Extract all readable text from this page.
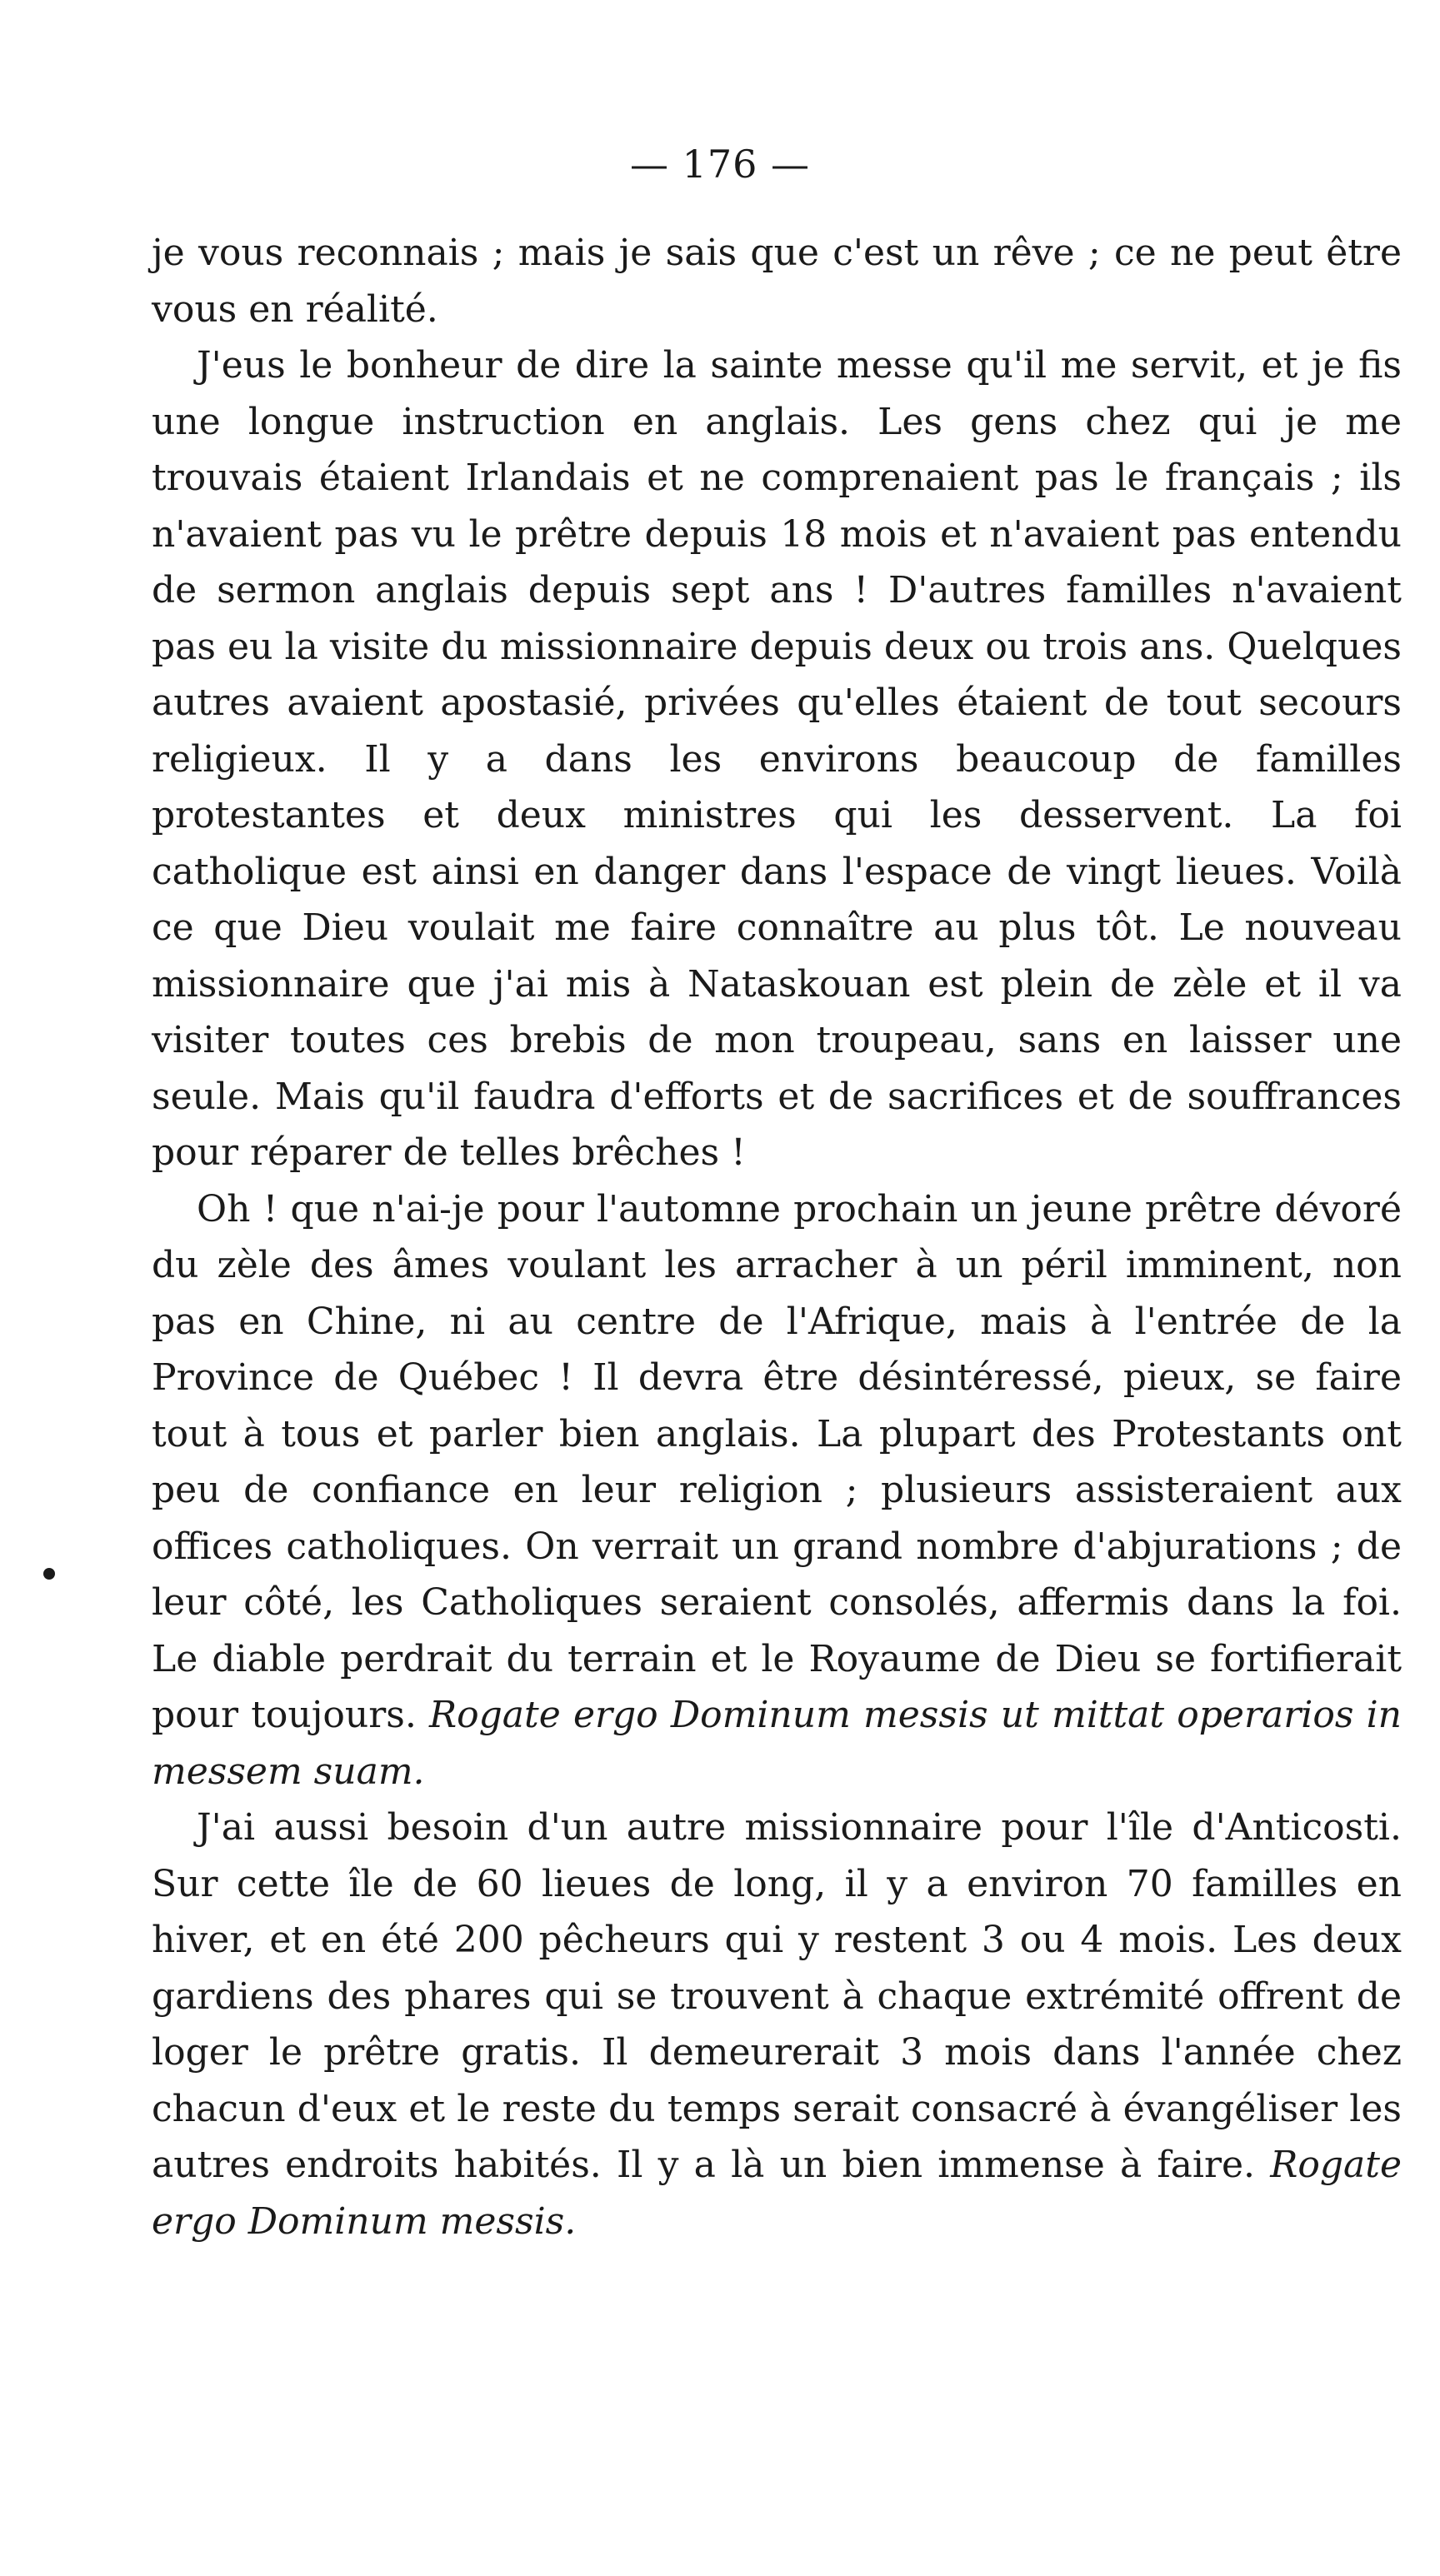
— 176 —

je vous reconnais ; mais je sais que c'est un rêve ; ce ne peut être vous en réalité.

J'eus le bonheur de dire la sainte messe qu'il me servit, et je fis une longue instruction en anglais. Les gens chez qui je me trouvais étaient Irlandais et ne comprenaient pas le français ; ils n'avaient pas vu le prêtre depuis 18 mois et n'avaient pas entendu de sermon anglais depuis sept ans ! D'autres familles n'avaient pas eu la visite du missionnaire depuis deux ou trois ans. Quelques autres avaient apostasié, privées qu'elles étaient de tout secours religieux. Il y a dans les environs beaucoup de familles protestantes et deux ministres qui les desservent. La foi catholique est ainsi en danger dans l'espace de vingt lieues. Voilà ce que Dieu voulait me faire connaître au plus tôt. Le nouveau missionnaire que j'ai mis à Nataskouan est plein de zèle et il va visiter toutes ces brebis de mon troupeau, sans en laisser une seule. Mais qu'il faudra d'efforts et de sacrifices et de souffrances pour réparer de telles brêches !

Oh ! que n'ai-je pour l'automne prochain un jeune prêtre dévoré du zèle des âmes voulant les arracher à un péril imminent, non pas en Chine, ni au centre de l'Afrique, mais à l'entrée de la Province de Québec ! Il devra être désintéressé, pieux, se faire tout à tous et parler bien anglais. La plupart des Protestants ont peu de confiance en leur religion ; plusieurs assisteraient aux offices catholiques. On verrait un grand nombre d'abjurations ; de leur côté, les Catholiques seraient consolés, affermis dans la foi. Le diable perdrait du terrain et le Royaume de Dieu se fortifierait pour toujours. Rogate ergo Dominum messis ut mittat operarios in messem suam.

J'ai aussi besoin d'un autre missionnaire pour l'île d'Anticosti. Sur cette île de 60 lieues de long, il y a environ 70 familles en hiver, et en été 200 pêcheurs qui y restent 3 ou 4 mois. Les deux gardiens des phares qui se trouvent à chaque extrémité offrent de loger le prêtre gratis. Il demeurerait 3 mois dans l'année chez chacun d'eux et le reste du temps serait consacré à évangéliser les autres endroits habités. Il y a là un bien immense à faire. Rogate ergo Dominum messis.
